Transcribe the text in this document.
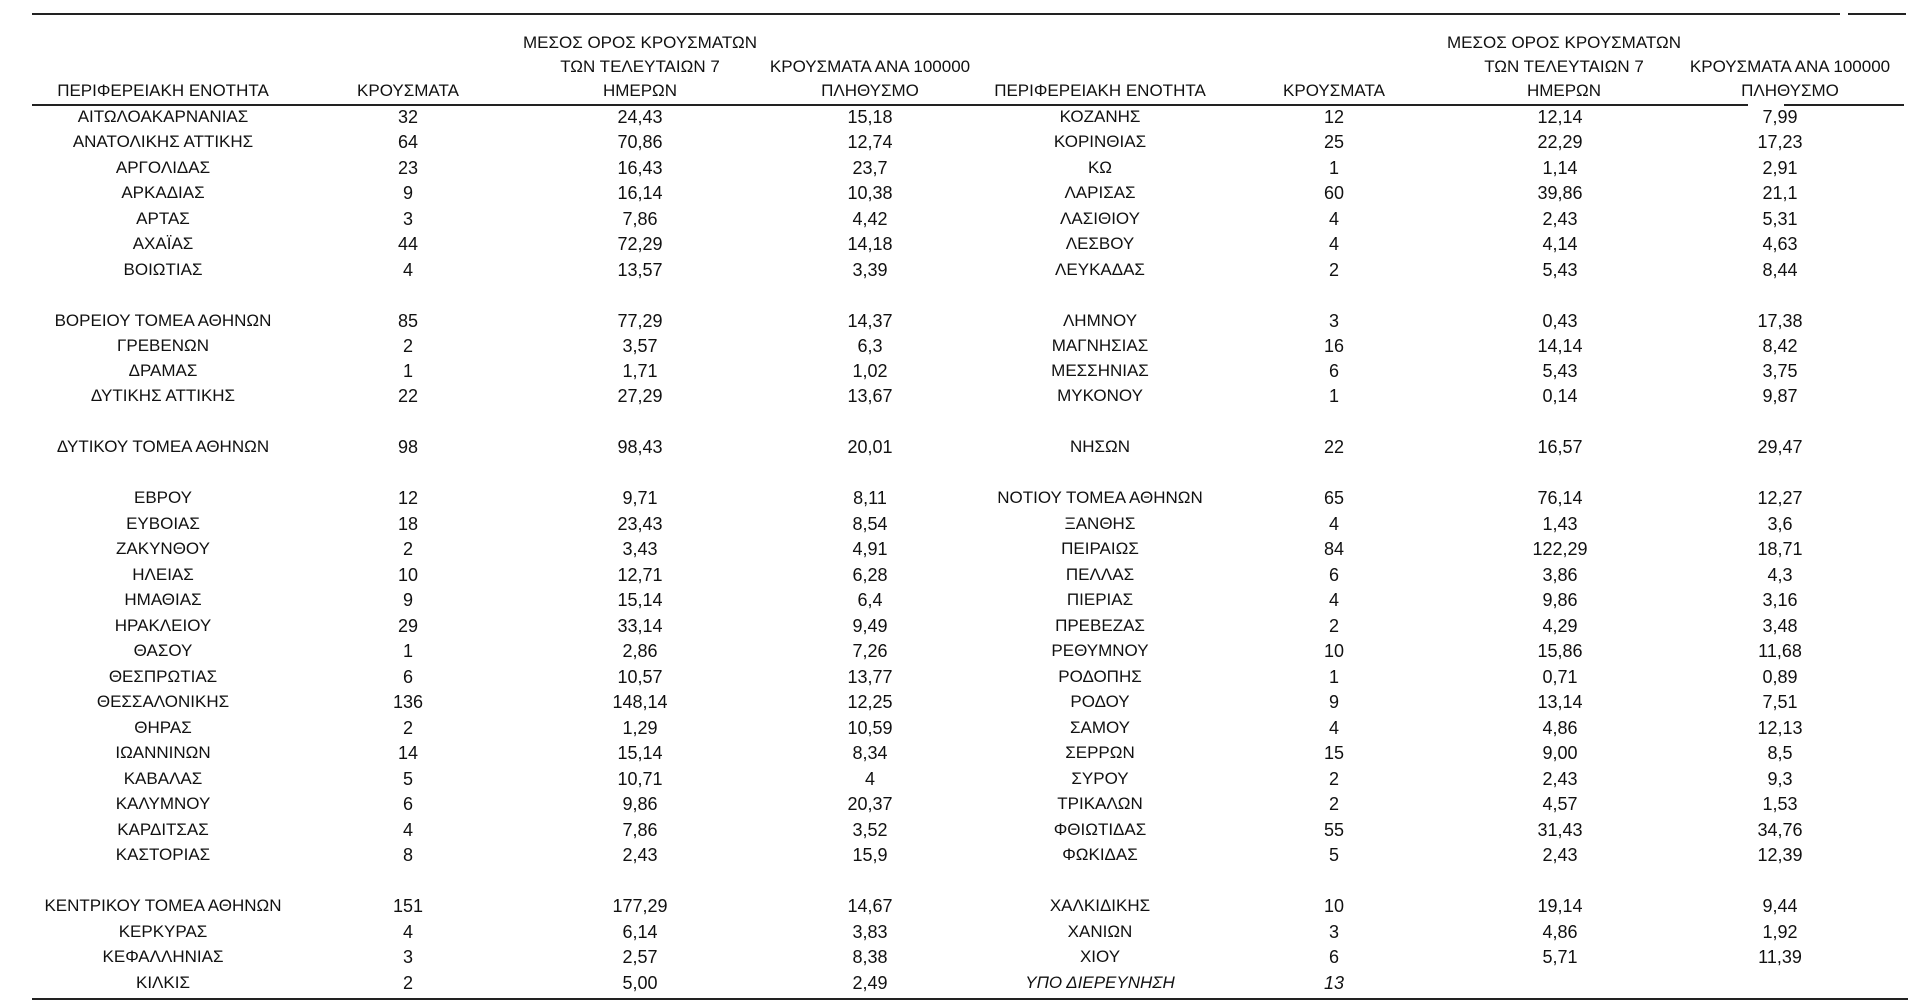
ΠΕΡΙΦΕΡΕΙΑΚΗ ΕΝΟΤΗΤΑ	ΚΡΟΥΣΜΑΤΑ
ΜΕΣΟΣ ΟΡΟΣ ΚΡΟΥΣΜΑΤΩΝ
ΤΩΝ ΤΕΛΕΥΤΑΙΩΝ 7
ΗΜΕΡΩΝ
ΚΡΟΥΣΜΑΤΑ ΑΝΑ 100000
ΠΛΗΘΥΣΜΟ	ΠΕΡΙΦΕΡΕΙΑΚΗ ΕΝΟΤΗΤΑ	ΚΡΟΥΣΜΑΤΑ
ΜΕΣΟΣ ΟΡΟΣ ΚΡΟΥΣΜΑΤΩΝ
ΤΩΝ ΤΕΛΕΥΤΑΙΩΝ 7
ΗΜΕΡΩΝ
ΚΡΟΥΣΜΑΤΑ ΑΝΑ 100000
ΠΛΗΘΥΣΜΟ
ΑΙΤΩΛΟΑΚΑΡΝΑΝΙΑΣ	32	24,43	15,18
ΑΝΑΤΟΛΙΚΗΣ ΑΤΤΙΚΗΣ	64	70,86	12,74
ΑΡΓΟΛΙΔΑΣ	23	16,43	23,7
ΑΡΚΑΔΙΑΣ	9	16,14	10,38
ΑΡΤΑΣ	3	7,86	4,42
ΑΧΑΪΑΣ	44	72,29	14,18
ΒΟΙΩΤΙΑΣ	4	13,57	3,39
ΒΟΡΕΙΟΥ ΤΟΜΕΑ ΑΘΗΝΩΝ	85	77,29	14,37
ΓΡΕΒΕΝΩΝ	2	3,57	6,3
ΔΡΑΜΑΣ	1	1,71	1,02
ΔΥΤΙΚΗΣ ΑΤΤΙΚΗΣ	22	27,29	13,67
ΔΥΤΙΚΟΥ ΤΟΜΕΑ ΑΘΗΝΩΝ	98	98,43	20,01
ΕΒΡΟΥ	12	9,71	8,11
ΕΥΒΟΙΑΣ	18	23,43	8,54
ΖΑΚΥΝΘΟΥ	2	3,43	4,91
ΗΛΕΙΑΣ	10	12,71	6,28
ΗΜΑΘΙΑΣ	9	15,14	6,4
ΗΡΑΚΛΕΙΟΥ	29	33,14	9,49
ΘΑΣΟΥ	1	2,86	7,26
ΘΕΣΠΡΩΤΙΑΣ	6	10,57	13,77
ΘΕΣΣΑΛΟΝΙΚΗΣ	136	148,14	12,25
ΘΗΡΑΣ	2	1,29	10,59
ΙΩΑΝΝΙΝΩΝ	14	15,14	8,34
ΚΑΒΑΛΑΣ	5	10,71	4
ΚΑΛΥΜΝΟΥ	6	9,86	20,37
ΚΑΡΔΙΤΣΑΣ	4	7,86	3,52
ΚΑΣΤΟΡΙΑΣ	8	2,43	15,9
ΚΕΝΤΡΙΚΟΥ ΤΟΜΕΑ ΑΘΗΝΩΝ	151	177,29	14,67
ΚΕΡΚΥΡΑΣ	4	6,14	3,83
ΚΕΦΑΛΛΗΝΙΑΣ	3	2,57	8,38
ΚΙΛΚΙΣ	2	5,00	2,49
ΚΟΖΑΝΗΣ	12	12,14	7,99
ΚΟΡΙΝΘΙΑΣ	25	22,29	17,23
ΚΩ	1	1,14	2,91
ΛΑΡΙΣΑΣ	60	39,86	21,1
ΛΑΣΙΘΙΟΥ	4	2,43	5,31
ΛΕΣΒΟΥ	4	4,14	4,63
ΛΕΥΚΑΔΑΣ	2	5,43	8,44
ΛΗΜΝΟΥ	3	0,43	17,38
ΜΑΓΝΗΣΙΑΣ	16	14,14	8,42
ΜΕΣΣΗΝΙΑΣ	6	5,43	3,75
ΜΥΚΟΝΟΥ	1	0,14	9,87
ΝΗΣΩΝ	22	16,57	29,47
ΝΟΤΙΟΥ ΤΟΜΕΑ ΑΘΗΝΩΝ	65	76,14	12,27
ΞΑΝΘΗΣ	4	1,43	3,6
ΠΕΙΡΑΙΩΣ	84	122,29	18,71
ΠΕΛΛΑΣ	6	3,86	4,3
ΠΙΕΡΙΑΣ	4	9,86	3,16
ΠΡΕΒΕΖΑΣ	2	4,29	3,48
ΡΕΘΥΜΝΟΥ	10	15,86	11,68
ΡΟΔΟΠΗΣ	1	0,71	0,89
ΡΟΔΟΥ	9	13,14	7,51
ΣΑΜΟΥ	4	4,86	12,13
ΣΕΡΡΩΝ	15	9,00	8,5
ΣΥΡΟΥ	2	2,43	9,3
ΤΡΙΚΑΛΩΝ	2	4,57	1,53
ΦΘΙΩΤΙΔΑΣ	55	31,43	34,76
ΦΩΚΙΔΑΣ	5	2,43	12,39
ΧΑΛΚΙΔΙΚΗΣ	10	19,14	9,44
ΧΑΝΙΩΝ	3	4,86	1,92
ΧΙΟΥ	6	5,71	11,39
ΥΠΟ ΔΙΕΡΕΥΝΗΣΗ	13
